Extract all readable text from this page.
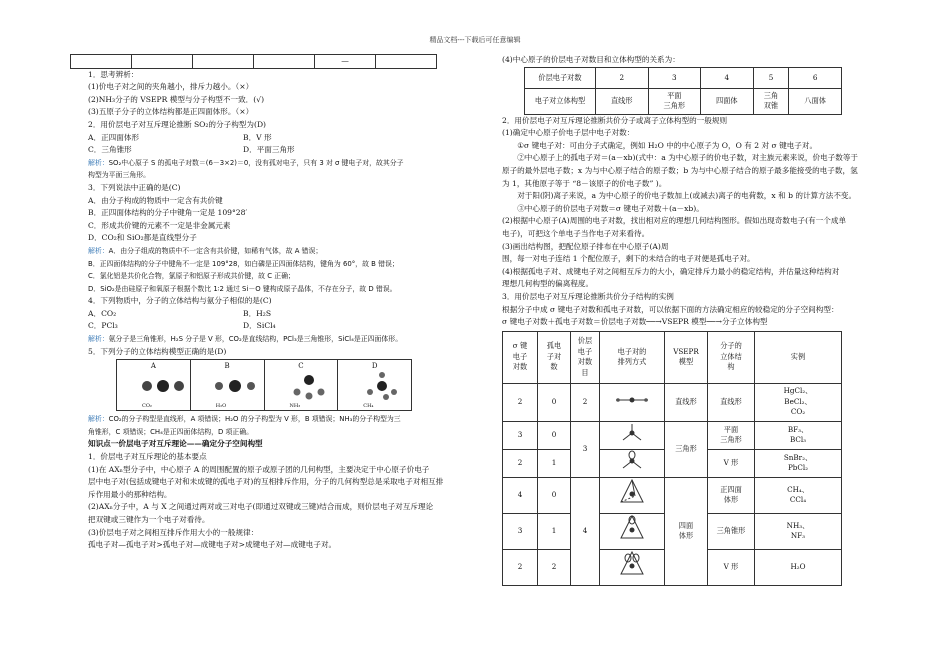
精品文档---下载后可任意编辑
				—	

1．思考辨析：

(1)价电子对之间的夹角越小，排斥力越小。（×）

(2)NH₃分子的 VSEPR 模型与分子构型不一致．(√)

(3)五原子分子的立体结构都是正四面体形。（×）

2．用价层电子对互斥理论推断 SO₂的分子构型为(D)

A．正四面体形	B．V 形
C．三角锥形	D．平面三角形

解析：SO₂中心原子 S 的孤电子对数＝(6－3×2)＝0，没有孤对电子，只有 3 对 σ 键电子对，故其分子

构型为平面三角形。

3．下列说法中正确的是(C)

A．由分子构成的物质中一定含有共价键

B．正四面体结构的分子中键角一定是 109°28′

C．形成共价键的元素不一定是非金属元素

D．CO₂和 SiO₂都是直线型分子

解析：A．由分子组成的物质中不一定含有共价键，如稀有气体，故 A 错误；

B．正四面体结构的分子中键角不一定是 109°28，如白磷是正四面体结构，键角为 60°，故 B 错误；

C．氯化铝是共价化合物，氯原子和铝原子形成共价键，故 C 正确；

D．SiO₂是由硅原子和氧原子根据个数比 1∶2 通过 Si－O 键构成原子晶体，不存在分子，故 D 错误。

4．下列物质中，分子的立体结构与氨分子相似的是(C)

A．CO₂	B．H₂S
C．PCl₃	D．SiCl₄

解析：氨分子是三角锥形，H₂S 分子是 V 形，CO₂是直线结构，PCl₃是三角锥形，SiCl₄是正四面体形。

5．下列分子的立体结构模型正确的是(D)

A
CO₂
B
H₂O
C
NH₃
D
CH₄

解析：CO₂的分子构型是直线形，A 项错误；H₂O 的分子构型为 V 形，B 项错误；NH₃的分子构型为三

角锥形，C 项错误；CH₄是正四面体结构，D 项正确。

知识点一价层电子对互斥理论——确定分子空间构型

1．价层电子对互斥理论的基本要点

(1)在 AXₙ型分子中，中心原子 A 的周围配置的原子或原子团的几何构型，主要决定于中心原子价电子

层中电子对(包括成键电子对和未成键的孤电子对)的互相排斥作用，分子的几何构型总是采取电子对相互排

斥作用最小的那种结构。

(2)AXₙ分子中，A 与 X 之间通过两对或三对电子(即通过双键或三键)结合而成，则价层电子对互斥理论

把双键或三键作为一个电子对看待。

(3)价层电子对之间相互排斥作用大小的一般规律：

孤电子对—孤电子对>孤电子对—成键电子对>成键电子对—成键电子对。

(4)中心原子的价层电子对数目和立体构型的关系为：

价层电子对数	2	3	4	5	6
电子对立体构型	直线形	平面
三角形	四面体	三角
双锥	八面体

2．用价层电子对互斥理论推断共价分子或离子立体构型的一般规则

(1)确定中心原子价电子层中电子对数：

①σ 键电子对：可由分子式确定，例如 H₂O 中的中心原子为 O，O 有 2 对 σ 键电子对。

②中心原子上的孤电子对＝(a－xb)(式中：a 为中心原子的价电子数，对主族元素来说，价电子数等于

原子的最外层电子数；x 为与中心原子结合的原子数；b 为与中心原子结合的原子最多能接受的电子数，氢

为 1，其他原子等于 “8－该原子的价电子数” )。

对于阳(阴)离子来说，a 为中心原子的价电子数加上(或减去)离子的电荷数，x 和 b 的计算方法不变。

③中心原子的价层电子对数＝σ 键电子对数＋(a－xb)。

(2)根据中心原子(A)周围的电子对数，找出相对应的理想几何结构图形。假如出现奇数电子(有一个成单

电子)，可把这个单电子当作电子对来看待。

(3)画出结构图，把配位原子排布在中心原子(A)周

围，每一对电子连结 1 个配位原子，剩下的未结合的电子对便是孤电子对。

(4)根据孤电子对、成键电子对之间相互斥力的大小，确定排斥力最小的稳定结构，并估量这种结构对

理想几何构型的偏离程度。

3．用价层电子对互斥理论推断共价分子结构的实例

根据分子中成 σ 键电子对数和孤电子对数，可以依据下面的方法确定相应的较稳定的分子空间构型：

σ 键电子对数＋孤电子对数＝价层电子对数──→VSEPR 模型──→分子立体构型

σ 键
电子
对数	孤电
子对
数	价层
电子
对数
目	电子对的
排列方式	VSEPR
模型	分子的
立体结
构	实例
2	0	2		直线形	直线形	HgCl₂、
BeCl₂、
CO₂
3	0	3		三角形	平面
三角形	BF₃、
BCl₃
2	1				V 形	SnBr₂、
PbCl₂
4	0	4		四面
体形	正四面
体形	CH₄、
CCl₄
3	1				三角锥形	NH₃、
NF₃
2	2				V 形	H₂O
